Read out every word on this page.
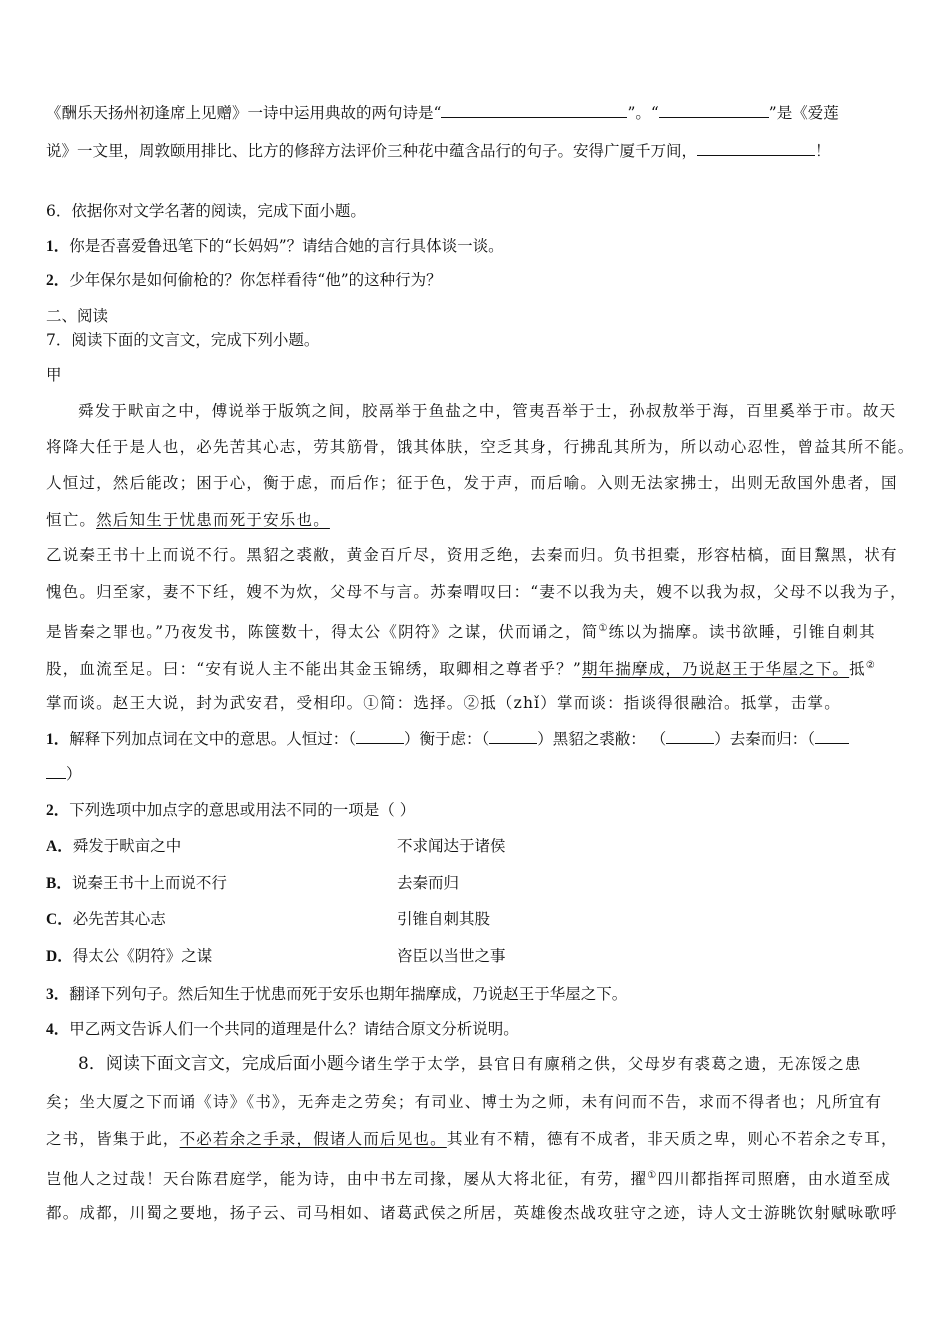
《酬乐天扬州初逢席上见赠》一诗中运用典故的两句诗是“	”。“	”是《爱莲
说》一文里，周敦颐用排比、比方的修辞方法评价三种花中蕴含品行的句子。安得广厦千万间，	！
6．依据你对文学名著的阅读，完成下面小题。
1．你是否喜爱鲁迅笔下的“长妈妈”？请结合她的言行具体谈一谈。
2．少年保尔是如何偷枪的？你怎样看待“他”的这种行为？
二、阅读
7．阅读下面的文言文，完成下列小题。
甲
舜发于畎亩之中，傅说举于版筑之间，胶鬲举于鱼盐之中，管夷吾举于士，孙叔敖举于海，百里奚举于市。故天
将降大任于是人也，必先苦其心志，劳其筋骨，饿其体肤，空乏其身，行拂乱其所为，所以动心忍性，曾益其所不能。
人恒过，然后能改；困于心，衡于虑，而后作；征于色，发于声，而后喻。入则无法家拂士，出则无敌国外患者，国
恒亡。然后知生于忧患而死于安乐也。
乙说秦王书十上而说不行。黑貂之裘敝，黄金百斤尽，资用乏绝，去秦而归。负书担橐，形容枯槁，面目黧黑，状有
愧色。归至家，妻不下纴，嫂不为炊，父母不与言。苏秦喟叹曰：“妻不以我为夫，嫂不以我为叔，父母不以我为子，
是皆秦之罪也。”乃夜发书，陈箧数十，得太公《阴符》之谋，伏而诵之，简①练以为揣摩。读书欲睡，引锥自刺其
股，血流至足。曰：“安有说人主不能出其金玉锦绣，取卿相之尊者乎？”期年揣摩成，乃说赵王于华屋之下。抵②
掌而谈。赵王大说，封为武安君，受相印。①简：选择。②抵（zhǐ）掌而谈：指谈得很融洽。抵掌，击掌。
1．解释下列加点词在文中的意思。人恒过：（	）衡于虑：（	）黑貂之裘敝： （	）去秦而归：（
）
2．下列选项中加点字的意思或用法不同的一项是（ ）
A．舜发于畎亩之中	不求闻达于诸侯
B．说秦王书十上而说不行	去秦而归
C．必先苦其心志	引锥自刺其股
D．得太公《阴符》之谋	咨臣以当世之事
3．翻译下列句子。然后知生于忧患而死于安乐也期年揣摩成，乃说赵王于华屋之下。
4．甲乙两文告诉人们一个共同的道理是什么？请结合原文分析说明。
8．阅读下面文言文，完成后面小题今诸生学于太学，县官日有廪稍之供，父母岁有裘葛之遗，无冻馁之患
矣；坐大厦之下而诵《诗》《书》，无奔走之劳矣；有司业、博士为之师，未有问而不告，求而不得者也；凡所宜有
之书，皆集于此，不必若余之手录，假诸人而后见也。其业有不精，德有不成者，非天质之卑，则心不若余之专耳，
岂他人之过哉！天台陈君庭学，能为诗，由中书左司掾，屡从大将北征，有劳，擢①四川都指挥司照磨，由水道至成
都。成都，川蜀之要地，扬子云、司马相如、诸葛武侯之所居，英雄俊杰战攻驻守之迹，诗人文士游眺饮射赋咏歌呼
